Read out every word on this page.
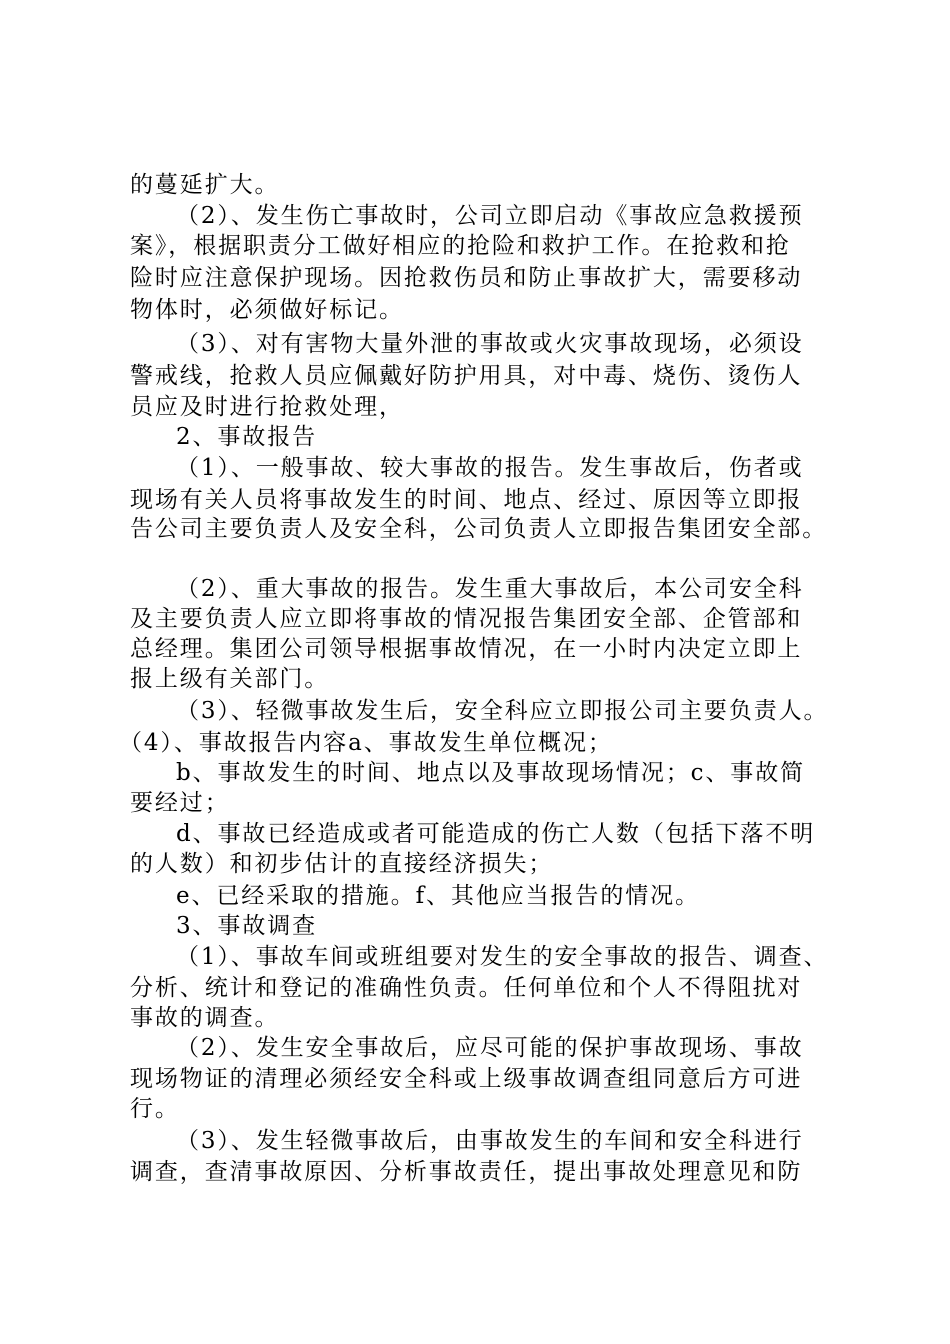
的蔓延扩大。
（2）、发生伤亡事故时，公司立即启动《事故应急救援预
案》，根据职责分工做好相应的抢险和救护工作。在抢救和抢
险时应注意保护现场。因抢救伤员和防止事故扩大，需要移动
物体时，必须做好标记。
（3）、对有害物大量外泄的事故或火灾事故现场，必须设
警戒线，抢救人员应佩戴好防护用具，对中毒、烧伤、烫伤人
员应及时进行抢救处理，
2、事故报告
（1）、一般事故、较大事故的报告。发生事故后，伤者或
现场有关人员将事故发生的时间、地点、经过、原因等立即报
告公司主要负责人及安全科，公司负责人立即报告集团安全部。
（2）、重大事故的报告。发生重大事故后，本公司安全科
及主要负责人应立即将事故的情况报告集团安全部、企管部和
总经理。集团公司领导根据事故情况，在一小时内决定立即上
报上级有关部门。
（3）、轻微事故发生后，安全科应立即报公司主要负责人。
（4）、事故报告内容a、事故发生单位概况；
b、事故发生的时间、地点以及事故现场情况；c、事故简
要经过；
d、事故已经造成或者可能造成的伤亡人数（包括下落不明
的人数）和初步估计的直接经济损失；
e、已经采取的措施。f、其他应当报告的情况。
3、事故调查
（1）、事故车间或班组要对发生的安全事故的报告、调查、
分析、统计和登记的准确性负责。任何单位和个人不得阻扰对
事故的调查。
（2）、发生安全事故后，应尽可能的保护事故现场、事故
现场物证的清理必须经安全科或上级事故调查组同意后方可进
行。
（3）、发生轻微事故后，由事故发生的车间和安全科进行
调查，查清事故原因、分析事故责任，提出事故处理意见和防
